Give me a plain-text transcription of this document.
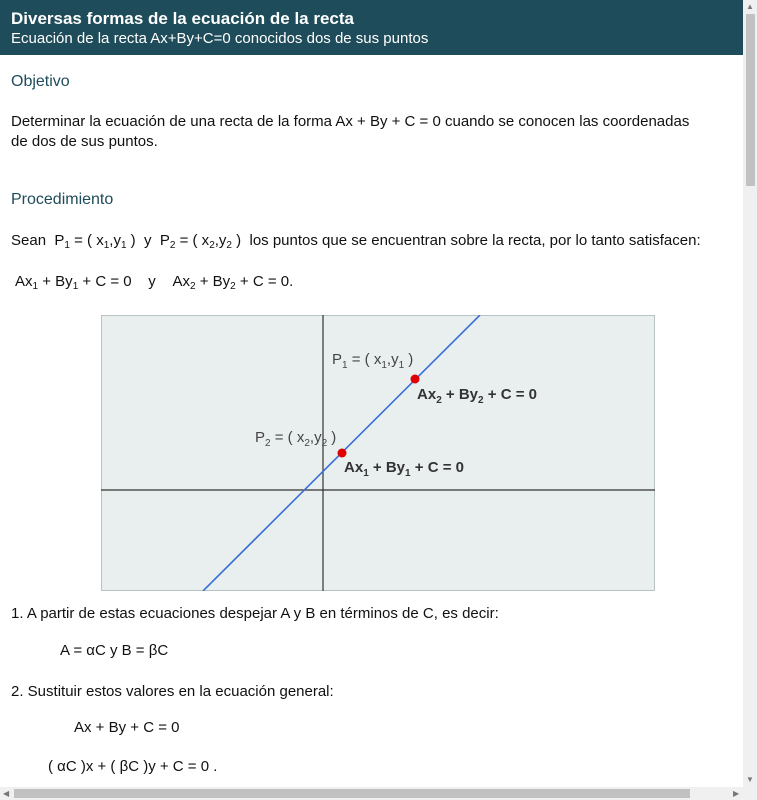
Diversas formas de la ecuación de la recta
Ecuación de la recta Ax+By+C=0 conocidos dos de sus puntos
Objetivo
Determinar la ecuación de una recta de la forma Ax + By + C = 0 cuando se conocen las coordenadas
de dos de sus puntos.
Procedimiento
Sean  $P_1$ = ( $x_1,y_1$ )  y  $P_2$ = ( $x_2,y_2$ )  los puntos que se encuentran sobre la recta, por lo tanto satisfacen:
$Ax_1 + By_1 + C = 0$    y    $Ax_2 + By_2 + C = 0$.
$P_1$ = ( $x_1,y_1$ )
$P_2$ = ( $x_2,y_2$ )
$Ax_2 + By_2 + C = 0$
$Ax_1 + By_1 + C = 0$
1. A partir de estas ecuaciones despejar A y B en términos de C, es decir:
A = αC y B = βC
2. Sustituir estos valores en la ecuación general:
Ax + By + C = 0
( αC )x + ( βC )y + C = 0 .
▲
▼
◀	▶
